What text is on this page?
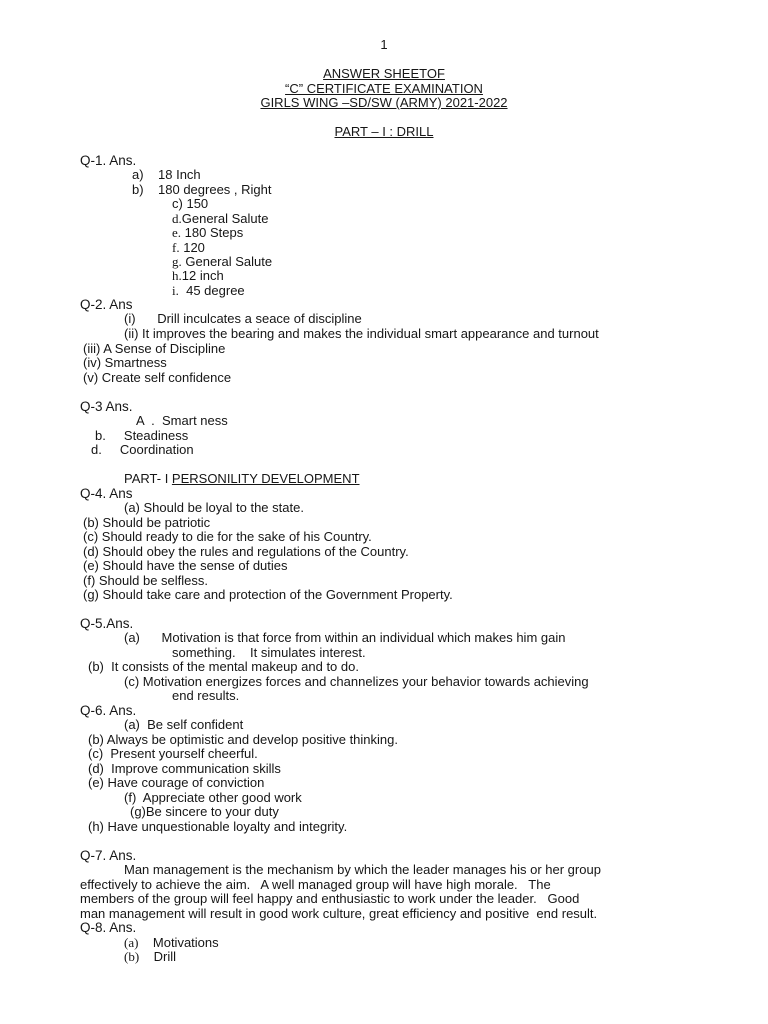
1
ANSWER SHEETOF
“C” CERTIFICATE EXAMINATION
GIRLS WING –SD/SW (ARMY) 2021-2022
PART – I : DRILL
Q-1. Ans.
a) 18 Inch
b) 180 degrees , Right
c) 150
d.General Salute
e. 180 Steps
f. 120
g. General Salute
h.12 inch
i. 45 degree
Q-2. Ans
(i)      Drill inculcates a seace of discipline
(ii) It improves the bearing and makes the individual smart appearance and turnout
(iii) A Sense of Discipline
(iv) Smartness
(v) Create self confidence
Q-3 Ans.
A  .  Smart ness
b.     Steadiness
d.     Coordination
PART- I PERSONILITY DEVELOPMENT
Q-4. Ans
(a) Should be loyal to the state.
(b) Should be patriotic
(c) Should ready to die for the sake of his Country.
(d) Should obey the rules and regulations of the Country.
(e) Should have the sense of duties
(f) Should be selfless.
(g) Should take care and protection of the Government Property.
Q-5.Ans.
(a)      Motivation is that force from within an individual which makes him gain
something.    It simulates interest.
(b)  It consists of the mental makeup and to do.
(c) Motivation energizes forces and channelizes your behavior towards achieving
end results.
Q-6. Ans.
(a)  Be self confident
(b) Always be optimistic and develop positive thinking.
(c)  Present yourself cheerful.
(d)  Improve communication skills
(e) Have courage of conviction
(f)  Appreciate other good work
(g)Be sincere to your duty
(h) Have unquestionable loyalty and integrity.
Q-7. Ans.
Man management is the mechanism by which the leader manages his or her group
effectively to achieve the aim.   A well managed group will have high morale.   The
members of the group will feel happy and enthusiastic to work under the leader.   Good
man management will result in good work culture, great efficiency and positive  end result.
Q-8. Ans.
(a) Motivations
(b) Drill
